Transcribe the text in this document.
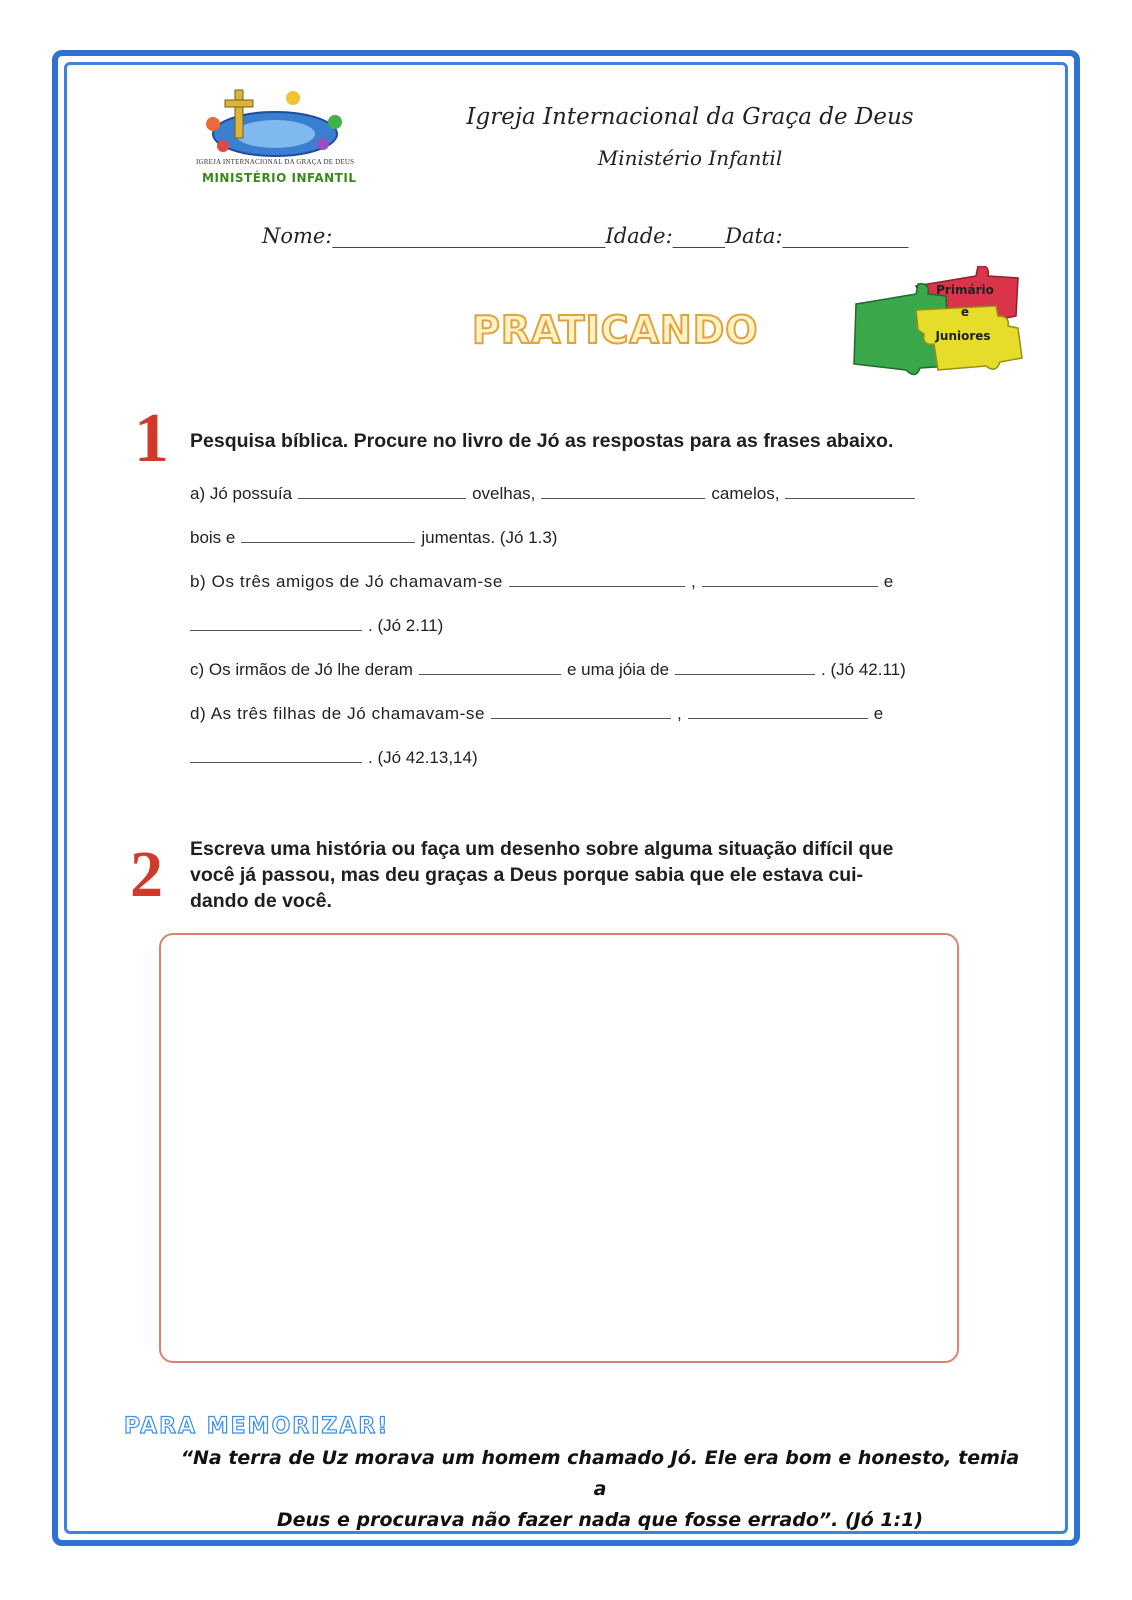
IGREJA INTERNACIONAL DA GRAÇA DE DEUS
MINISTÉRIO INFANTIL
Igreja Internacional da Graça de Deus
Ministério Infantil
Nome:__________________________Idade:_____Data:____________
PRATICANDO
Primário
e
Juniores
1 Pesquisa bíblica. Procure no livro de Jó as respostas para as frases abaixo.
a) Jó possuía	ovelhas,	camelos,
bois e	jumentas. (Jó 1.3)
b) Os três amigos de Jó chamavam-se	,	e
. (Jó 2.11)
c) Os irmãos de Jó lhe deram	e uma jóia de	. (Jó 42.11)
d) As três filhas de Jó chamavam-se	,	e
. (Jó 42.13,14)
2 Escreva uma história ou faça um desenho sobre alguma situação difícil que
você já passou, mas deu graças a Deus porque sabia que ele estava cui-
dando de você.
PARA MEMORIZAR!
“Na terra de Uz morava um homem chamado Jó. Ele era bom e honesto, temia a
Deus e procurava não fazer nada que fosse errado”. (Jó 1:1)
